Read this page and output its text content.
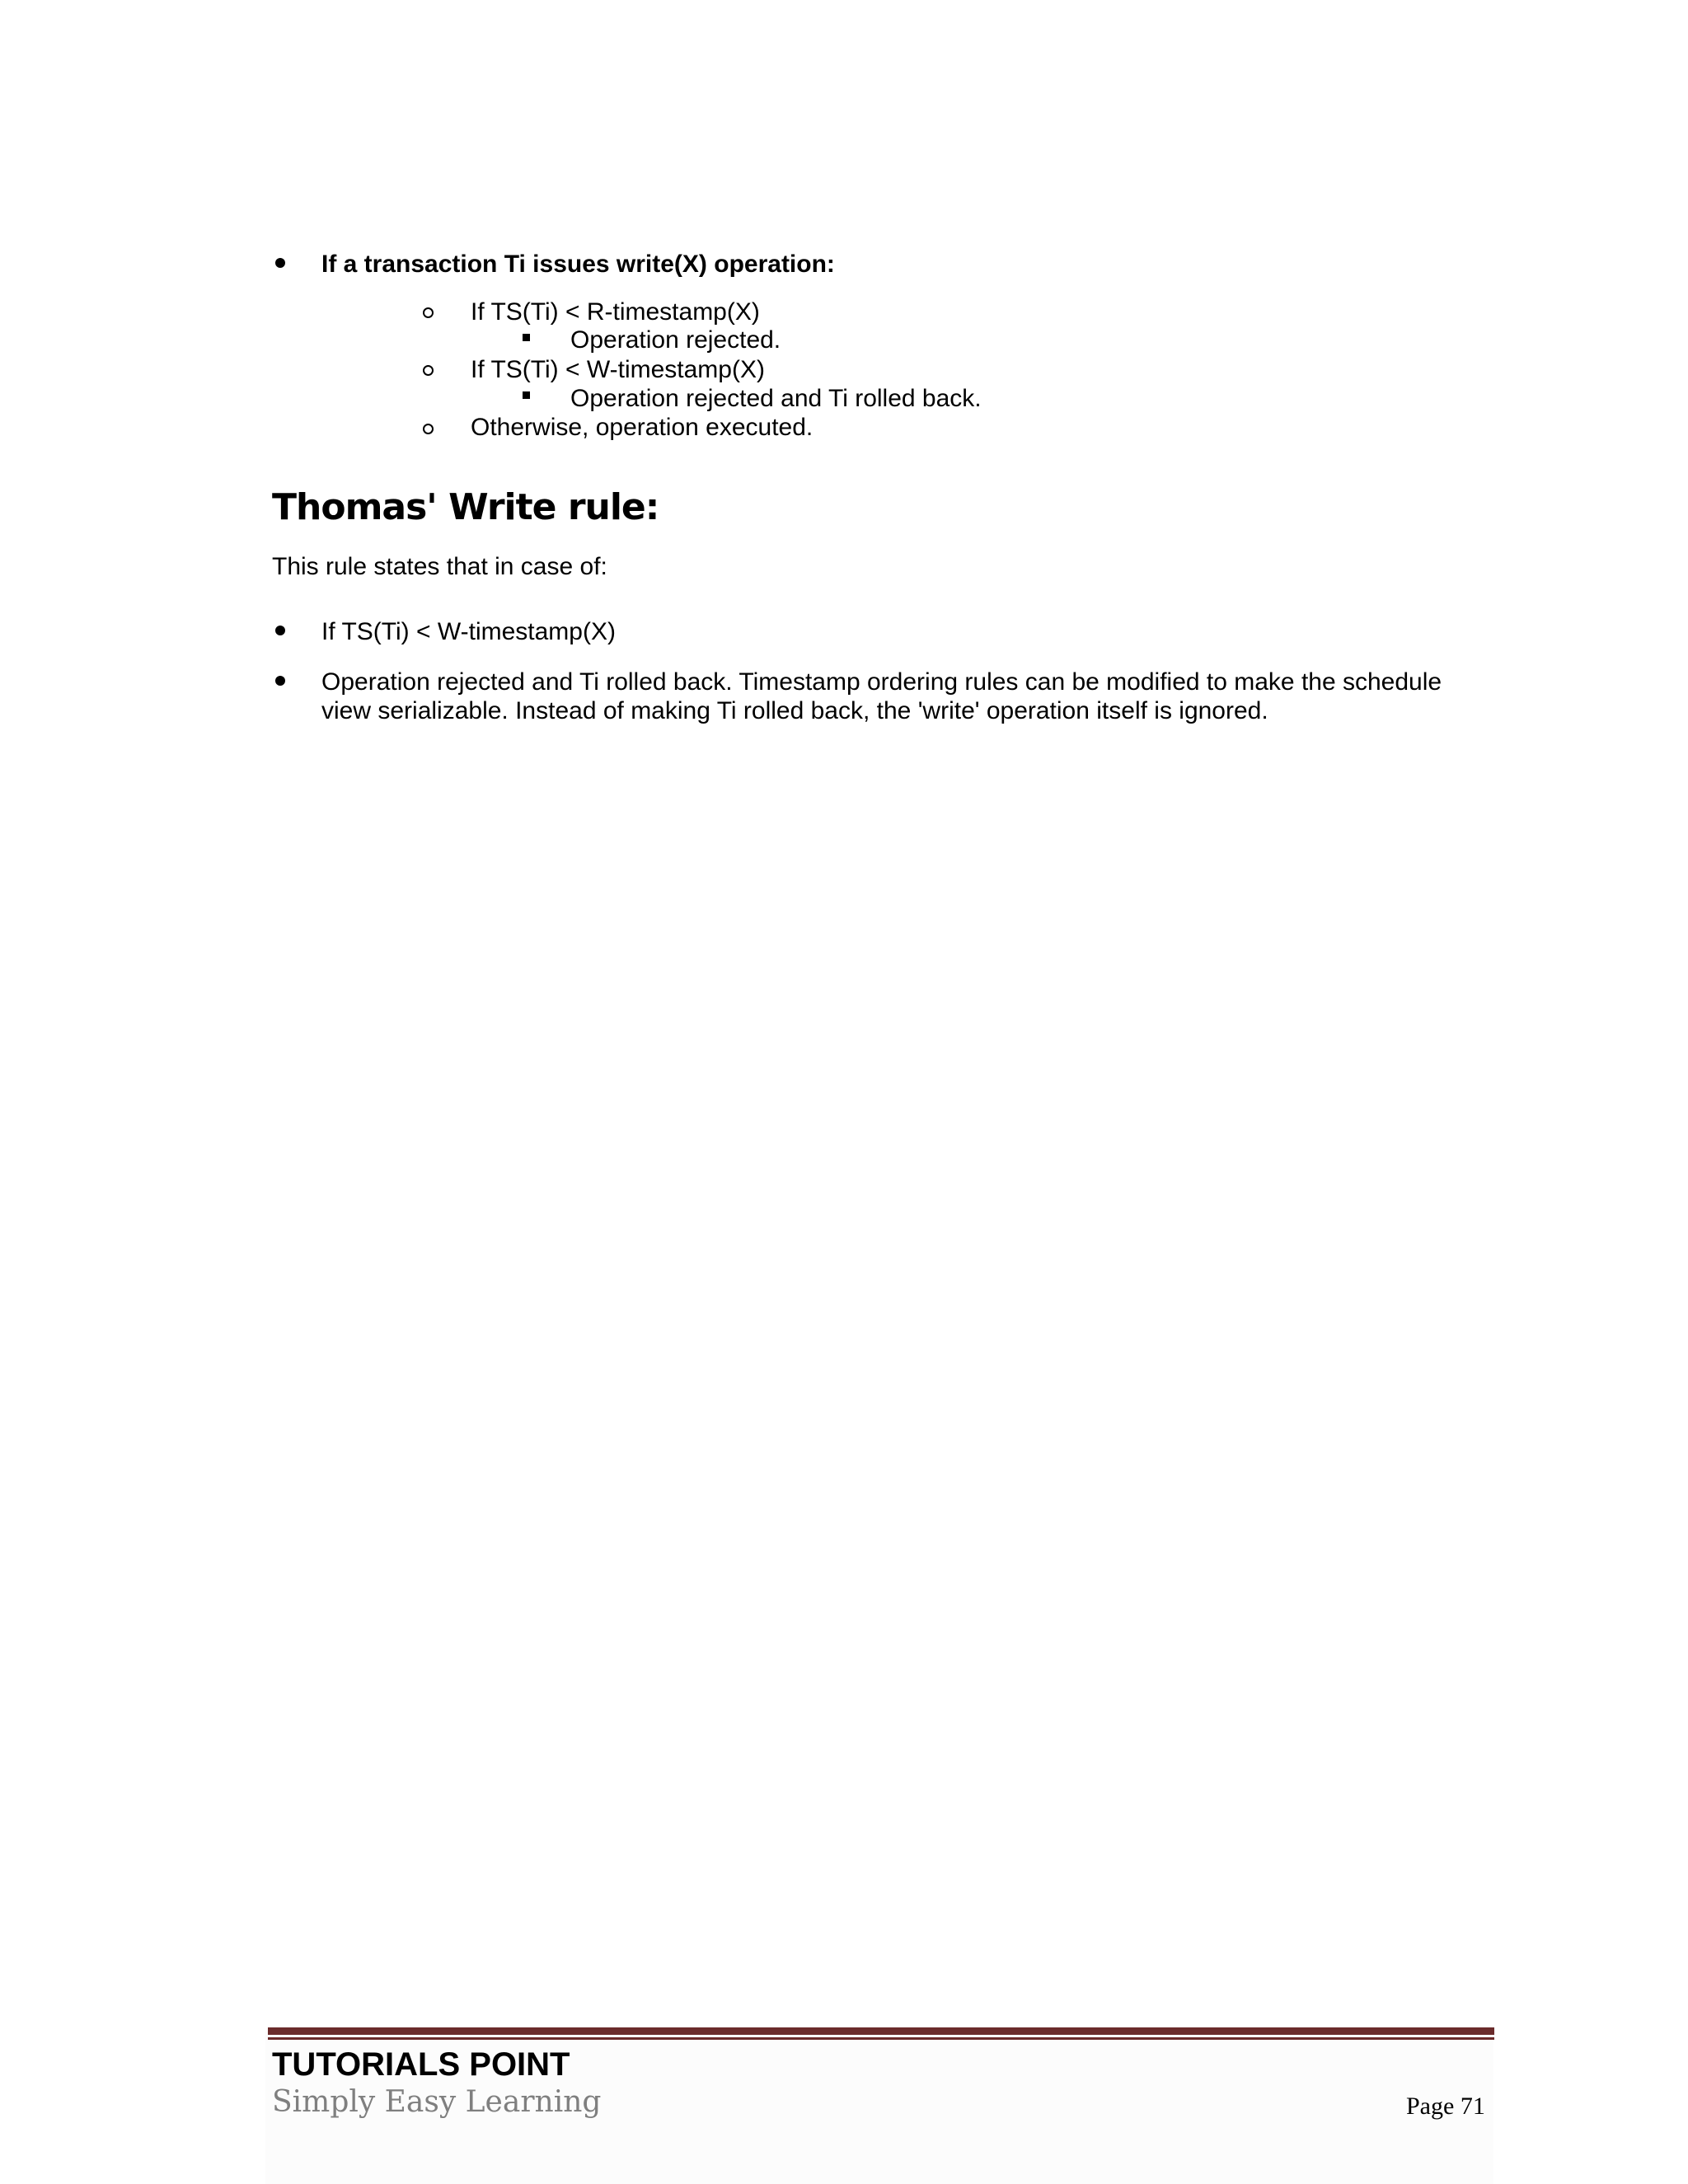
If a transaction Ti issues write(X) operation:
If TS(Ti) < R-timestamp(X)
Operation rejected.
If TS(Ti) < W-timestamp(X)
Operation rejected and Ti rolled back.
Otherwise, operation executed.
Thomas' Write rule:
This rule states that in case of:
If TS(Ti) < W-timestamp(X)
Operation rejected and Ti rolled back. Timestamp ordering rules can be modified to make the schedule
view serializable. Instead of making Ti rolled back, the 'write' operation itself is ignored.
TUTORIALS POINT
Simply Easy Learning	Page 71
